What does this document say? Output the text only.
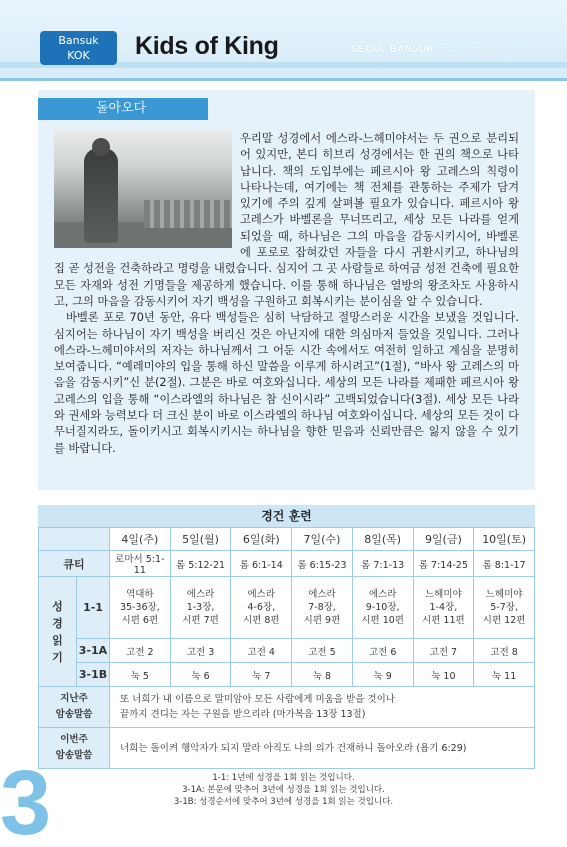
Bansuk
KOK	Kids of King	SEOUL BANSUK PRESBYTERIAN CHURCH
돌아오다

우리말 성경에서 에스라-느헤미야서는 두 권으로 분리되어 있지만, 본디 히브리 성경에서는 한 권의 책으로 나타납니다. 책의 도입부에는 페르시아 왕 고레스의 칙령이 나타나는데, 여기에는 책 전체를 관통하는 주제가 담겨 있기에 주의 깊게 살펴볼 필요가 있습니다. 페르시아 왕 고레스가 바벨론을 무너뜨리고, 세상 모든 나라를 얻게 되었을 때, 하나님은 그의 마음을 감동시키시어, 바벨론에 포로로 잡혀갔던 자들을 다시 귀환시키고, 하나님의 집 곧 성전을 건축하라고 명령을 내렸습니다. 심지어 그 곳 사람들로 하여금 성전 건축에 필요한 모든 자재와 성전 기명들을 제공하게 했습니다. 이를 통해 하나님은 열방의 왕조차도 사용하시고, 그의 마음을 감동시키어 자기 백성을 구원하고 회복시키는 분이심을 알 수 있습니다.

바벨론 포로 70년 동안, 유다 백성들은 심히 낙담하고 절망스러운 시간을 보냈을 것입니다. 심지어는 하나님이 자기 백성을 버리신 것은 아닌지에 대한 의심마저 들었을 것입니다. 그러나 에스라-느헤미야서의 저자는 하나님께서 그 어둔 시간 속에서도 여전히 일하고 계심을 분명히 보여줍니다. “예레미야의 입을 통해 하신 말씀을 이루게 하시려고”(1절), “바사 왕 고레스의 마음을 감동시키”신 분(2절). 그분은 바로 여호와십니다. 세상의 모든 나라를 제패한 페르시아 왕 고레스의 입을 통해 “이스라엘의 하나님은 참 신이시라” 고백되었습니다(3절). 세상 모든 나라와 권세와 능력보다 더 크신 분이 바로 이스라엘의 하나님 여호와이십니다. 세상의 모든 것이 다 무너질지라도, 돌이키시고 회복시키시는 하나님을 향한 믿음과 신뢰만큼은 잃지 않을 수 있기를 바랍니다.

경건 훈련
		4일(주)	5일(월)	6일(화)	7일(수)	8일(목)	9일(금)	10일(토)
큐티		로마서 5:1-11	롬 5:12-21	롬 6:1-14	롬 6:15-23	롬 7:1-13	롬 7:14-25	롬 8:1-17
성경읽기	1-1	역대하
35-36장,
시편 6편	에스라
1-3장,
시편 7편	에스라
4-6장,
시편 8편	에스라
7-8장,
시편 9편	에스라
9-10장,
시편 10편	느헤미야
1-4장,
시편 11편	느헤미야
5-7장,
시편 12편
	3-1A	고전 2	고전 3	고전 4	고전 5	고전 6	고전 7	고전 8
	3-1B	눅 5	눅 6	눅 7	눅 8	눅 9	눅 10	눅 11
지난주
암송말씀		또 너희가 내 이름으로 말미암아 모든 사람에게 미움을 받을 것이나
끝까지 견디는 자는 구원을 받으리라 (마가복음 13장 13절)						
이번주
암송말씀		너희는 돌이켜 행악자가 되지 말라 아직도 나의 의가 건재하니 돌아오라 (욥기 6:29)						
1-1: 1년에 성경을 1회 읽는 것입니다.
3-1A: 본문에 맞추어 3년에 성경을 1회 읽는 것입니다.
3-1B: 성경순서에 맞추어 3년에 성경을 1회 읽는 것입니다.
3
